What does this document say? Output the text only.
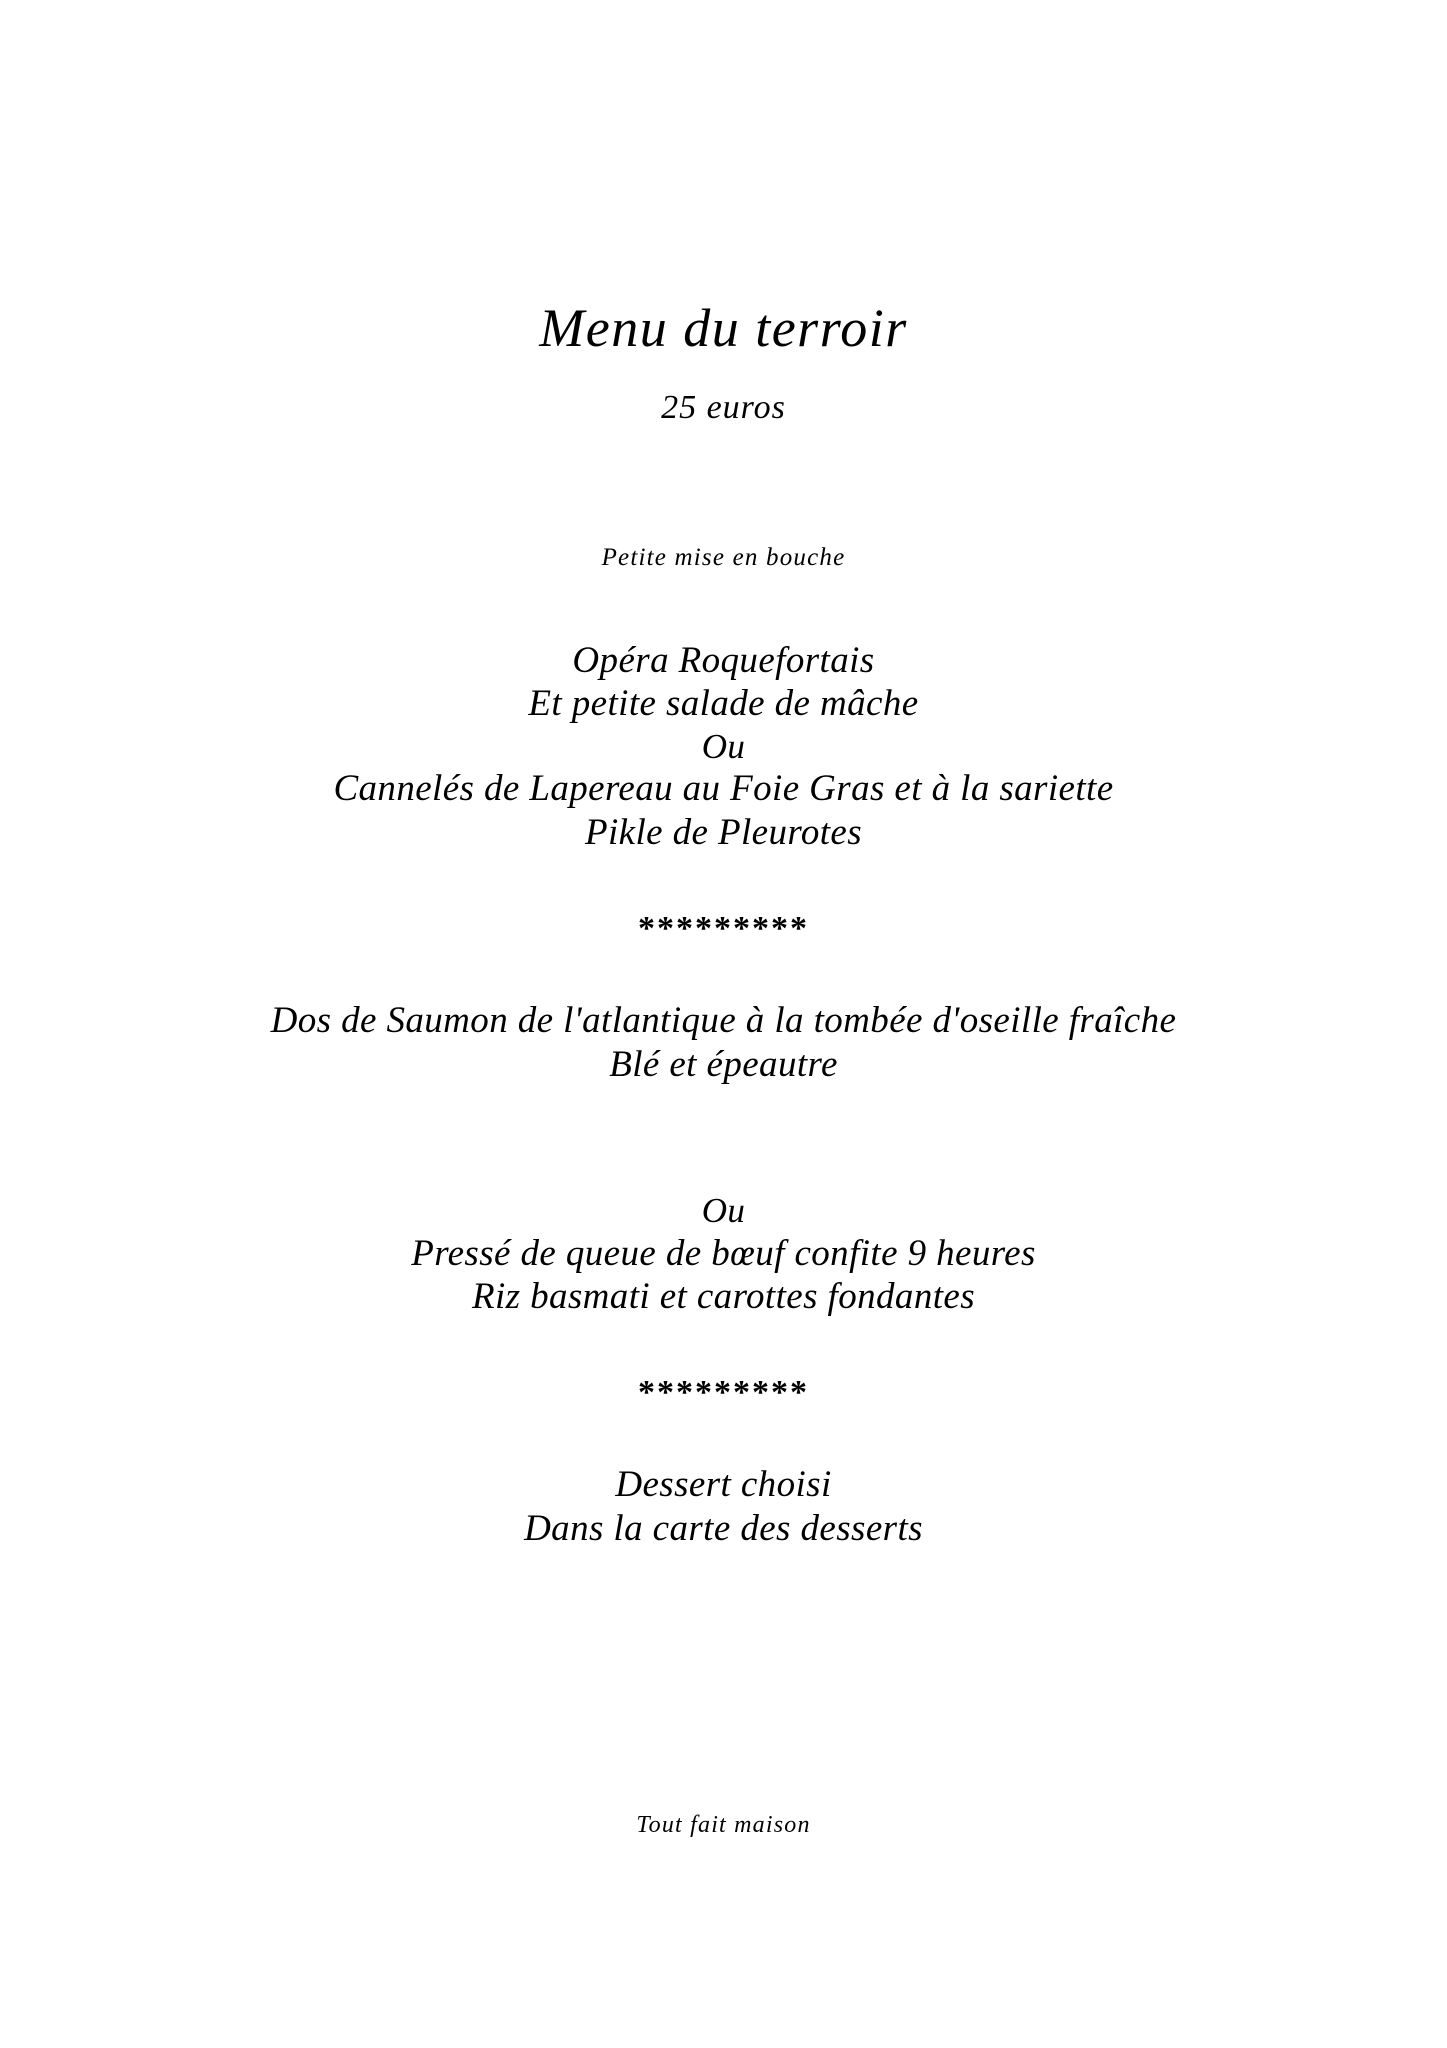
Menu du terroir
25 euros
Petite mise en bouche
Opéra Roquefortais
Et petite salade de mâche
Ou
Cannelés de Lapereau au Foie Gras et à la sariette
Pikle de Pleurotes
*********
Dos de Saumon de l'atlantique à la tombée d'oseille fraîche
Blé et épeautre
Ou
Pressé de queue de bœuf confite 9 heures
Riz basmati et carottes fondantes
*********
Dessert choisi
Dans la carte des desserts
Tout fait maison
